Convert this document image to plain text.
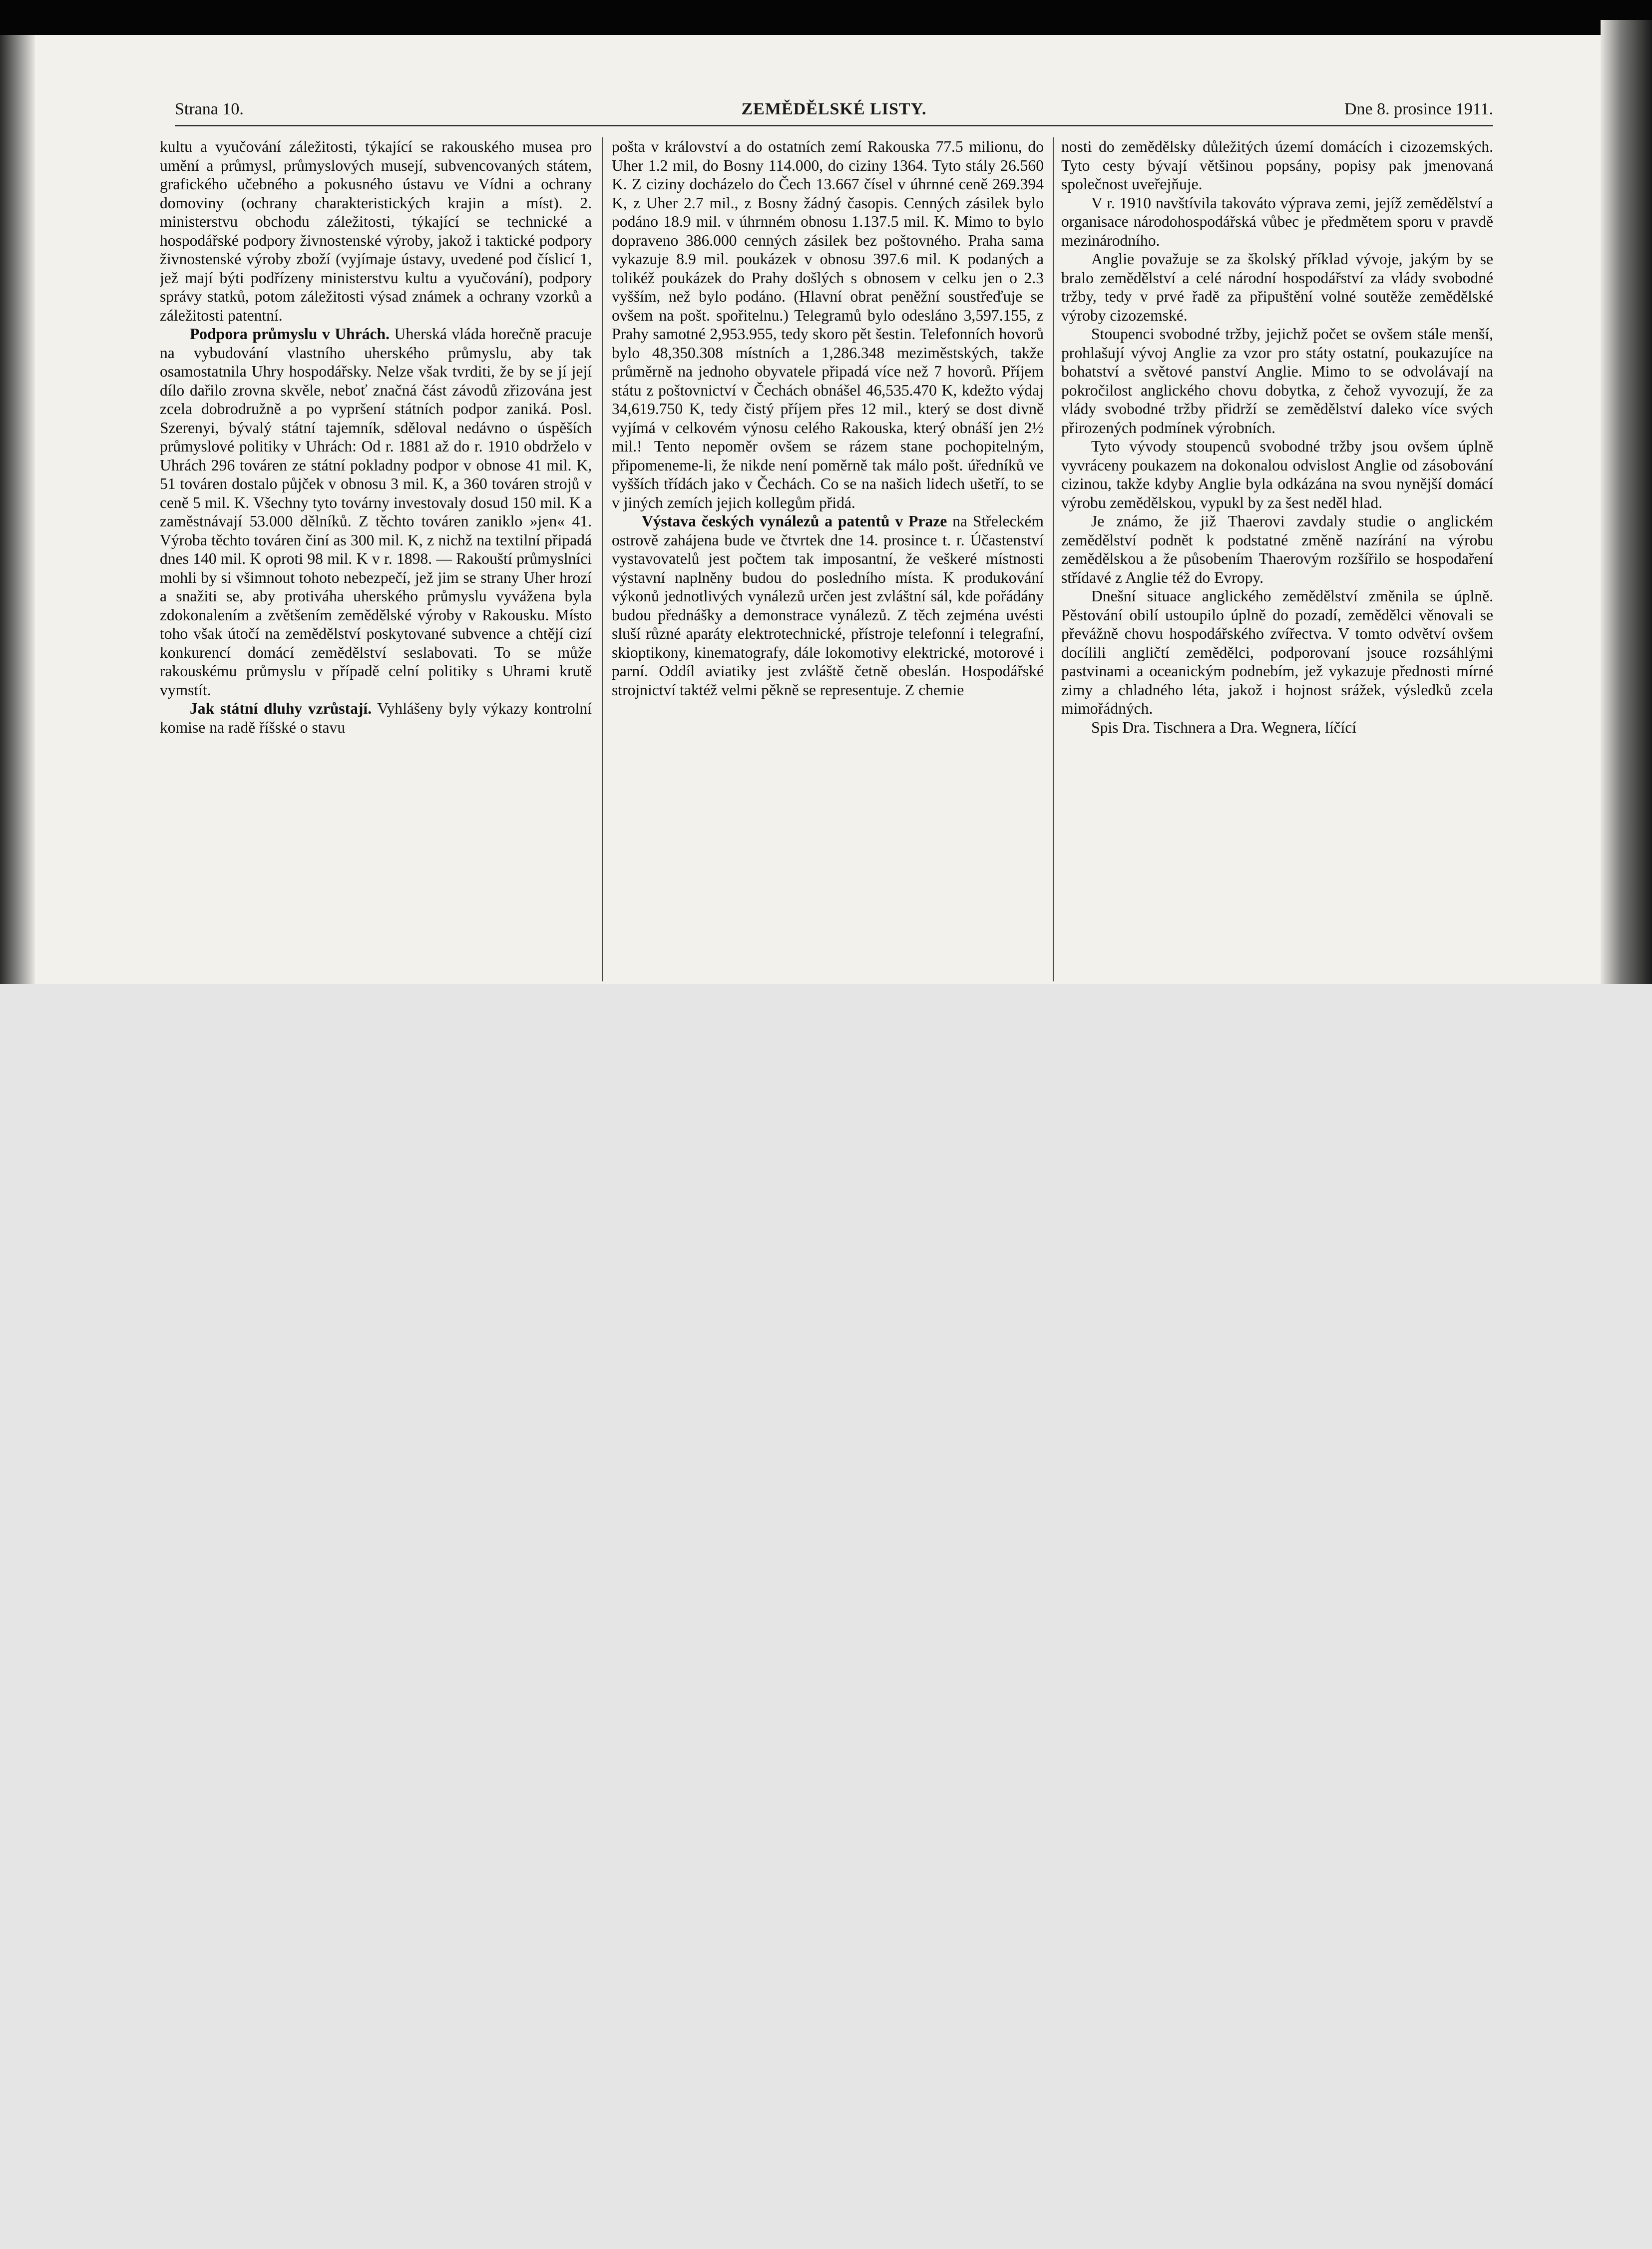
Strana 10.	ZEMĚDĚLSKÉ LISTY.	Dne 8. prosince 1911.

kultu a vyučování záležitosti, týkající se rakouského musea pro umění a průmysl, průmyslových musejí, subvencovaných státem, grafického učebného a pokusného ústavu ve Vídni a ochrany domoviny (ochrany charakteristických krajin a míst). 2. ministerstvu obchodu záležitosti, týkající se technické a hospodářské podpory živnostenské výroby, jakož i taktické podpory živnostenské výroby zboží (vyjímaje ústavy, uvedené pod číslicí 1, jež mají býti podřízeny ministerstvu kultu a vyučování), podpory správy statků, potom záležitosti výsad známek a ochrany vzorků a záležitosti patentní.

Podpora průmyslu v Uhrách. Uherská vláda horečně pracuje na vybudování vlastního uherského průmyslu, aby tak osamostatnila Uhry hospodářsky. Nelze však tvrditi, že by se jí její dílo dařilo zrovna skvěle, neboť značná část závodů zřizována jest zcela dobrodružně a po vypršení státních podpor zaniká. Posl. Szerenyi, bývalý státní tajemník, sděloval nedávno o úspěších průmyslové politiky v Uhrách: Od r. 1881 až do r. 1910 obdrželo v Uhrách 296 továren ze státní pokladny podpor v obnose 41 mil. K, 51 továren dostalo půjček v obnosu 3 mil. K, a 360 továren strojů v ceně 5 mil. K. Všechny tyto továrny investovaly dosud 150 mil. K a zaměstnávají 53.000 dělníků. Z těchto továren zaniklo »jen« 41. Výroba těchto továren činí as 300 mil. K, z nichž na textilní připadá dnes 140 mil. K oproti 98 mil. K v r. 1898. — Rakouští průmyslníci mohli by si všimnout tohoto nebezpečí, jež jim se strany Uher hrozí a snažiti se, aby protiváha uherského průmyslu vyvážena byla zdokonalením a zvětšením zemědělské výroby v Rakousku. Místo toho však útočí na zemědělství poskytované subvence a chtějí cizí konkurencí domácí zemědělství seslabovati. To se může rakouskému průmyslu v případě celní politiky s Uhrami krutě vymstít.

Jak státní dluhy vzrůstají. Vyhlášeny byly výkazy kontrolní komise na radě říšské o stavu

pošta v království a do ostatních zemí Rakouska 77.5 milionu, do Uher 1.2 mil, do Bosny 114.000, do ciziny 1364. Tyto stály 26.560 K. Z ciziny docházelo do Čech 13.667 čísel v úhrnné ceně 269.394 K, z Uher 2.7 mil., z Bosny žádný časopis. Cenných zásilek bylo podáno 18.9 mil. v úhrnném obnosu 1.137.5 mil. K. Mimo to bylo dopraveno 386.000 cenných zásilek bez poštovného. Praha sama vykazuje 8.9 mil. poukázek v obnosu 397.6 mil. K podaných a tolikéž poukázek do Prahy došlých s obnosem v celku jen o 2.3 vyšším, než bylo podáno. (Hlavní obrat peněžní soustřeďuje se ovšem na pošt. spořitelnu.) Telegramů bylo odesláno 3,597.155, z Prahy samotné 2,953.955, tedy skoro pět šestin. Telefonních hovorů bylo 48,350.308 místních a 1,286.348 meziměstských, takže průměrně na jednoho obyvatele připadá více než 7 hovorů. Příjem státu z poštovnictví v Čechách obnášel 46,535.470 K, kdežto výdaj 34,619.750 K, tedy čistý příjem přes 12 mil., který se dost divně vyjímá v celkovém výnosu celého Rakouska, který obnáší jen 2½ mil.! Tento nepoměr ovšem se rázem stane pochopitelným, připomeneme-li, že nikde není poměrně tak málo pošt. úředníků ve vyšších třídách jako v Čechách. Co se na našich lidech ušetří, to se v jiných zemích jejich kollegům přidá.

Výstava českých vynálezů a patentů v Praze na Střeleckém ostrově zahájena bude ve čtvrtek dne 14. prosince t. r. Účastenství vystavovatelů jest počtem tak imposantní, že veškeré místnosti výstavní naplněny budou do posledního místa. K produkování výkonů jednotlivých vynálezů určen jest zvláštní sál, kde pořádány budou přednášky a demonstrace vynálezů. Z těch zejména uvésti sluší různé aparáty elektrotechnické, přístroje telefonní i telegrafní, skioptikony, kinematografy, dále lokomotivy elektrické, motorové i parní. Oddíl aviatiky jest zvláště četně obeslán. Hospodářské strojnictví taktéž velmi pěkně se representuje. Z chemie

nosti do zemědělsky důležitých území domácích i cizozemských. Tyto cesty bývají většinou popsány, popisy pak jmenovaná společnost uveřejňuje.

V r. 1910 navštívila takováto výprava zemi, jejíž zemědělství a organisace národohospodářská vůbec je předmětem sporu v pravdě mezinárodního.

Anglie považuje se za školský příklad vývoje, jakým by se bralo zemědělství a celé národní hospodářství za vlády svobodné tržby, tedy v prvé řadě za připuštění volné soutěže zemědělské výroby cizozemské.

Stoupenci svobodné tržby, jejichž počet se ovšem stále menší, prohlašují vývoj Anglie za vzor pro státy ostatní, poukazujíce na bohatství a světové panství Anglie. Mimo to se odvolávají na pokročilost anglického chovu dobytka, z čehož vyvozují, že za vlády svobodné tržby přidrží se zemědělství daleko více svých přirozených podmínek výrobních.

Tyto vývody stoupenců svobodné tržby jsou ovšem úplně vyvráceny poukazem na dokonalou odvislost Anglie od zásobování cizinou, takže kdyby Anglie byla odkázána na svou nynější domácí výrobu zemědělskou, vypukl by za šest neděl hlad.

Je známo, že již Thaerovi zavdaly studie o anglickém zemědělství podnět k podstatné změně nazírání na výrobu zemědělskou a že působením Thaerovým rozšířilo se hospodaření střídavé z Anglie též do Evropy.

Dnešní situace anglického zemědělství změnila se úplně. Pěstování obilí ustoupilo úplně do pozadí, zemědělci věnovali se převážně chovu hospodářského zvířectva. V tomto odvětví ovšem docílili angličtí zemědělci, podporovaní jsouce rozsáhlými pastvinami a oceanickým podnebím, jež vykazuje přednosti mírné zimy a chladného léta, jakož i hojnost srážek, výsledků zcela mimořádných.

Spis Dra. Tischnera a Dra. Wegnera, líčící
